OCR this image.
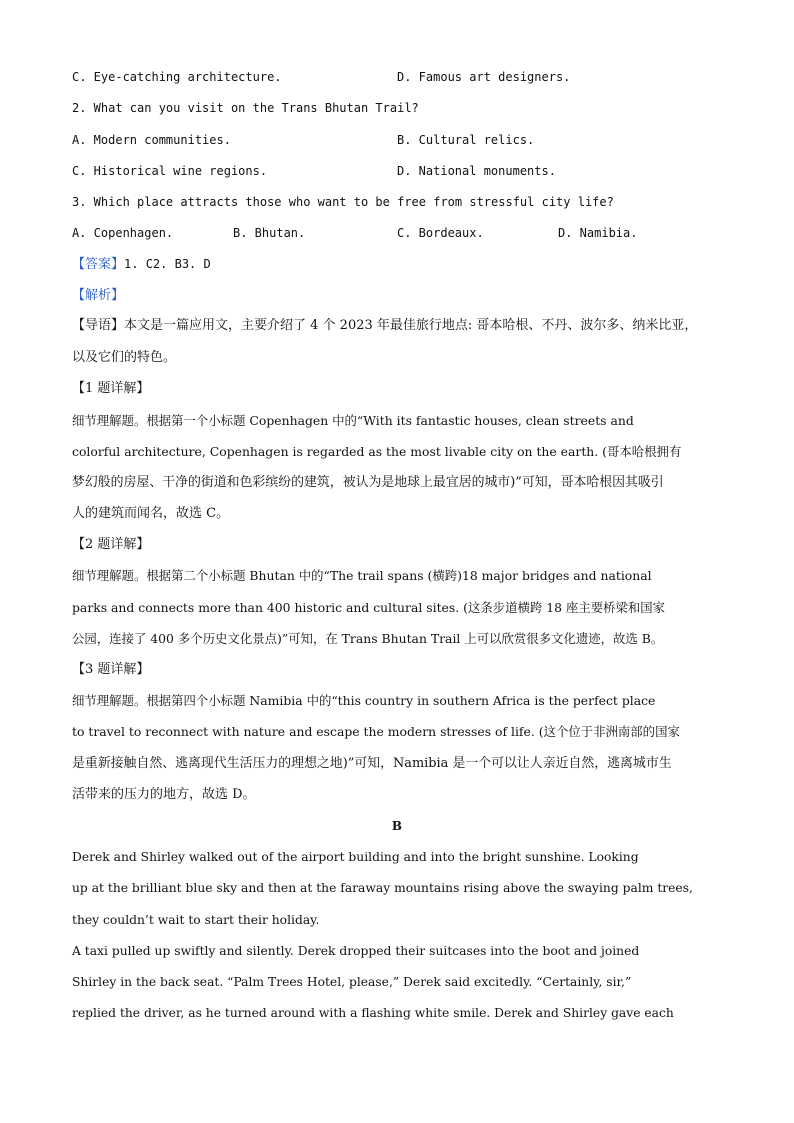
C. Eye-catching architecture.	D. Famous art designers.
2. What can you visit on the Trans Bhutan Trail?
A. Modern communities.	B. Cultural relics.
C. Historical wine regions.	D. National monuments.
3. Which place attracts those who want to be free from stressful city life?
A. Copenhagen.	B. Bhutan.	C. Bordeaux.	D. Namibia.
【答案】1. C2. B3. D
【解析】
【导语】本文是一篇应用文，主要介绍了 4 个 2023 年最佳旅行地点: 哥本哈根、不丹、波尔多、纳米比亚，
以及它们的特色。
【1 题详解】
细节理解题。根据第一个小标题 Copenhagen 中的“With its fantastic houses, clean streets and
colorful architecture, Copenhagen is regarded as the most livable city on the earth. (哥本哈根拥有
梦幻般的房屋、干净的街道和色彩缤纷的建筑，被认为是地球上最宜居的城市)”可知，哥本哈根因其吸引
人的建筑而闻名，故选 C。
【2 题详解】
细节理解题。根据第二个小标题 Bhutan 中的“The trail spans (横跨)18 major bridges and national
parks and connects more than 400 historic and cultural sites. (这条步道横跨 18 座主要桥梁和国家
公园，连接了 400 多个历史文化景点)”可知，在 Trans Bhutan Trail 上可以欣赏很多文化遗迹，故选 B。
【3 题详解】
细节理解题。根据第四个小标题 Namibia 中的“this country in southern Africa is the perfect place
to travel to reconnect with nature and escape the modern stresses of life. (这个位于非洲南部的国家
是重新接触自然、逃离现代生活压力的理想之地)”可知，Namibia 是一个可以让人亲近自然，逃离城市生
活带来的压力的地方，故选 D。
B
Derek and Shirley walked out of the airport building and into the bright sunshine. Looking
up at the brilliant blue sky and then at the faraway mountains rising above the swaying palm trees,
they couldn’t wait to start their holiday.
A taxi pulled up swiftly and silently. Derek dropped their suitcases into the boot and joined
Shirley in the back seat. “Palm Trees Hotel, please,” Derek said excitedly. “Certainly, sir,”
replied the driver, as he turned around with a flashing white smile. Derek and Shirley gave each
